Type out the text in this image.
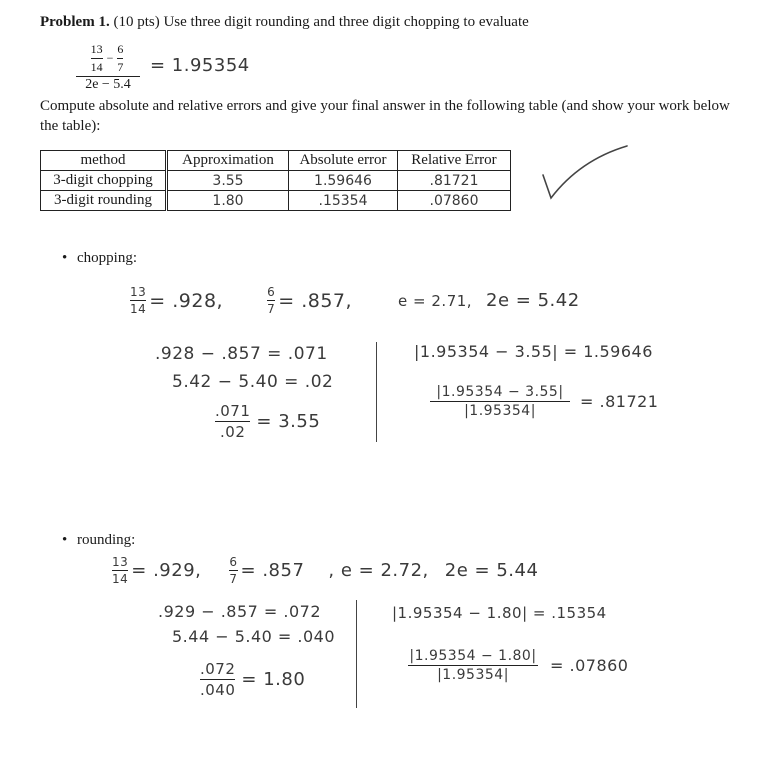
Problem 1. (10 pts) Use three digit rounding and three digit chopping to evaluate
$\frac{13}{14} - \frac{6}{7}$
2e − 5.4
= 1.95354
Compute absolute and relative errors and give your final answer in the following table (and show your work below the table):
method	Approximation	Absolute error	Relative Error
3-digit chopping	3.55	1.59646	.81721
3-digit rounding	1.80	.15354	.07860
• chopping:
$\frac{13}{14} = .928$,	$\frac{6}{7} = .857$,	e = 2.71, 2e = 5.42
.928 − .857 = .071
5.42 − 5.40 = .02
$\frac{.071}{.02} = 3.55$
|1.95354 − 3.55| = 1.59646
$\frac{|1.95354 - 3.55|}{|1.95354|} = .81721$
• rounding:
$\frac{13}{14} = .929$, $\frac{6}{7} = .857$ , e = 2.72, 2e = 5.44
.929 − .857 = .072
5.44 − 5.40 = .040
$\frac{.072}{.040} = 1.80$
|1.95354 − 1.80| = .15354
$\frac{|1.95354 - 1.80|}{|1.95354|} = .07860$
